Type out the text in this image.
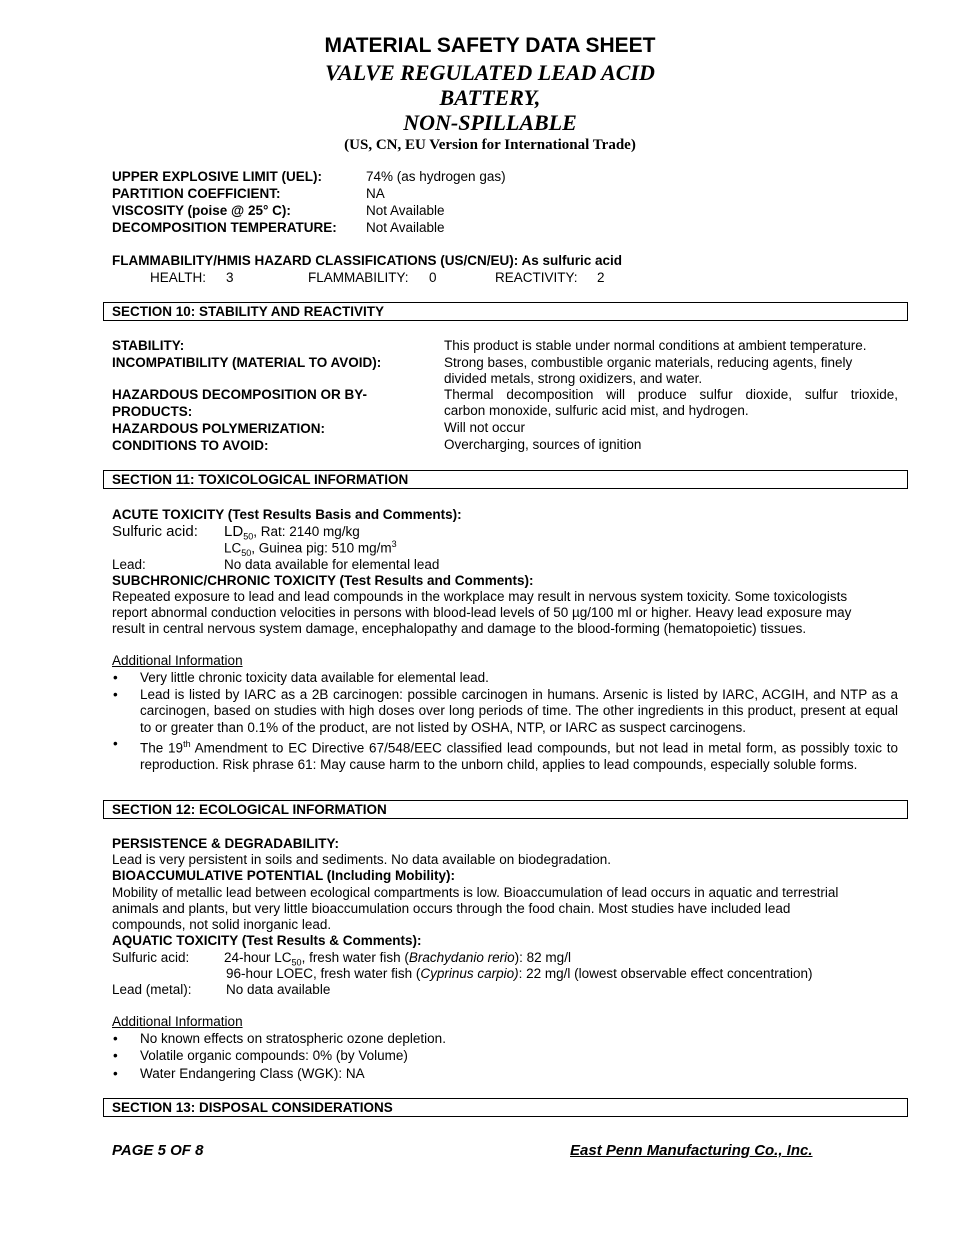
MATERIAL SAFETY DATA SHEET
VALVE REGULATED LEAD ACID
BATTERY,
NON-SPILLABLE
(US, CN, EU Version for International Trade)
UPPER EXPLOSIVE LIMIT (UEL):	74% (as hydrogen gas)
PARTITION COEFFICIENT:	NA
VISCOSITY (poise @ 25° C):	Not Available
DECOMPOSITION TEMPERATURE: Not Available
FLAMMABILITY/HMIS HAZARD CLASSIFICATIONS (US/CN/EU): As sulfuric acid
HEALTH: 3	FLAMMABILITY: 0	REACTIVITY: 2
SECTION 10: STABILITY AND REACTIVITY
STABILITY:	This product is stable under normal conditions at ambient temperature.
INCOMPATIBILITY (MATERIAL TO AVOID):	Strong bases, combustible organic materials, reducing agents, finely
divided metals, strong oxidizers, and water.
HAZARDOUS DECOMPOSITION OR BY-
PRODUCTS:
Thermal decomposition will produce sulfur dioxide, sulfur trioxide,
carbon monoxide, sulfuric acid mist, and hydrogen.
HAZARDOUS POLYMERIZATION:	Will not occur
CONDITIONS TO AVOID:	Overcharging, sources of ignition
SECTION 11: TOXICOLOGICAL INFORMATION
ACUTE TOXICITY (Test Results Basis and Comments):
Sulfuric acid: $LD_{50}$, Rat: 2140 mg/kg
$LC_{50}$, Guinea pig: 510 $mg/m^3$
Lead:	No data available for elemental lead
SUBCHRONIC/CHRONIC TOXICITY (Test Results and Comments):
Repeated exposure to lead and lead compounds in the workplace may result in nervous system toxicity. Some toxicologists
report abnormal conduction velocities in persons with blood-lead levels of 50 µg/100 ml or higher. Heavy lead exposure may
result in central nervous system damage, encephalopathy and damage to the blood-forming (hematopoietic) tissues.
Additional Information
• Very little chronic toxicity data available for elemental lead.
• Lead is listed by IARC as a 2B carcinogen: possible carcinogen in humans. Arsenic is listed by IARC, ACGIH, and NTP as a carcinogen, based on studies with high doses over long periods of time. The other ingredients in this product, present at equal to or greater than 0.1% of the product, are not listed by OSHA, NTP, or IARC as suspect carcinogens.
• The 19th Amendment to EC Directive 67/548/EEC classified lead compounds, but not lead in metal form, as possibly toxic to reproduction. Risk phrase 61: May cause harm to the unborn child, applies to lead compounds, especially soluble forms.
SECTION 12: ECOLOGICAL INFORMATION
PERSISTENCE & DEGRADABILITY:
Lead is very persistent in soils and sediments. No data available on biodegradation.
BIOACCUMULATIVE POTENTIAL (Including Mobility):
Mobility of metallic lead between ecological compartments is low. Bioaccumulation of lead occurs in aquatic and terrestrial
animals and plants, but very little bioaccumulation occurs through the food chain. Most studies have included lead
compounds, not solid inorganic lead.
AQUATIC TOXICITY (Test Results & Comments):
Sulfuric acid:	24-hour $LC_{50}$, fresh water fish (Brachydanio rerio): 82 mg/l
96-hour LOEC, fresh water fish (Cyprinus carpio): 22 mg/l (lowest observable effect concentration)
Lead (metal):	No data available
Additional Information
• No known effects on stratospheric ozone depletion.
• Volatile organic compounds: 0% (by Volume)
• Water Endangering Class (WGK): NA
SECTION 13: DISPOSAL CONSIDERATIONS
PAGE 5 OF 8	East Penn Manufacturing Co., Inc.
